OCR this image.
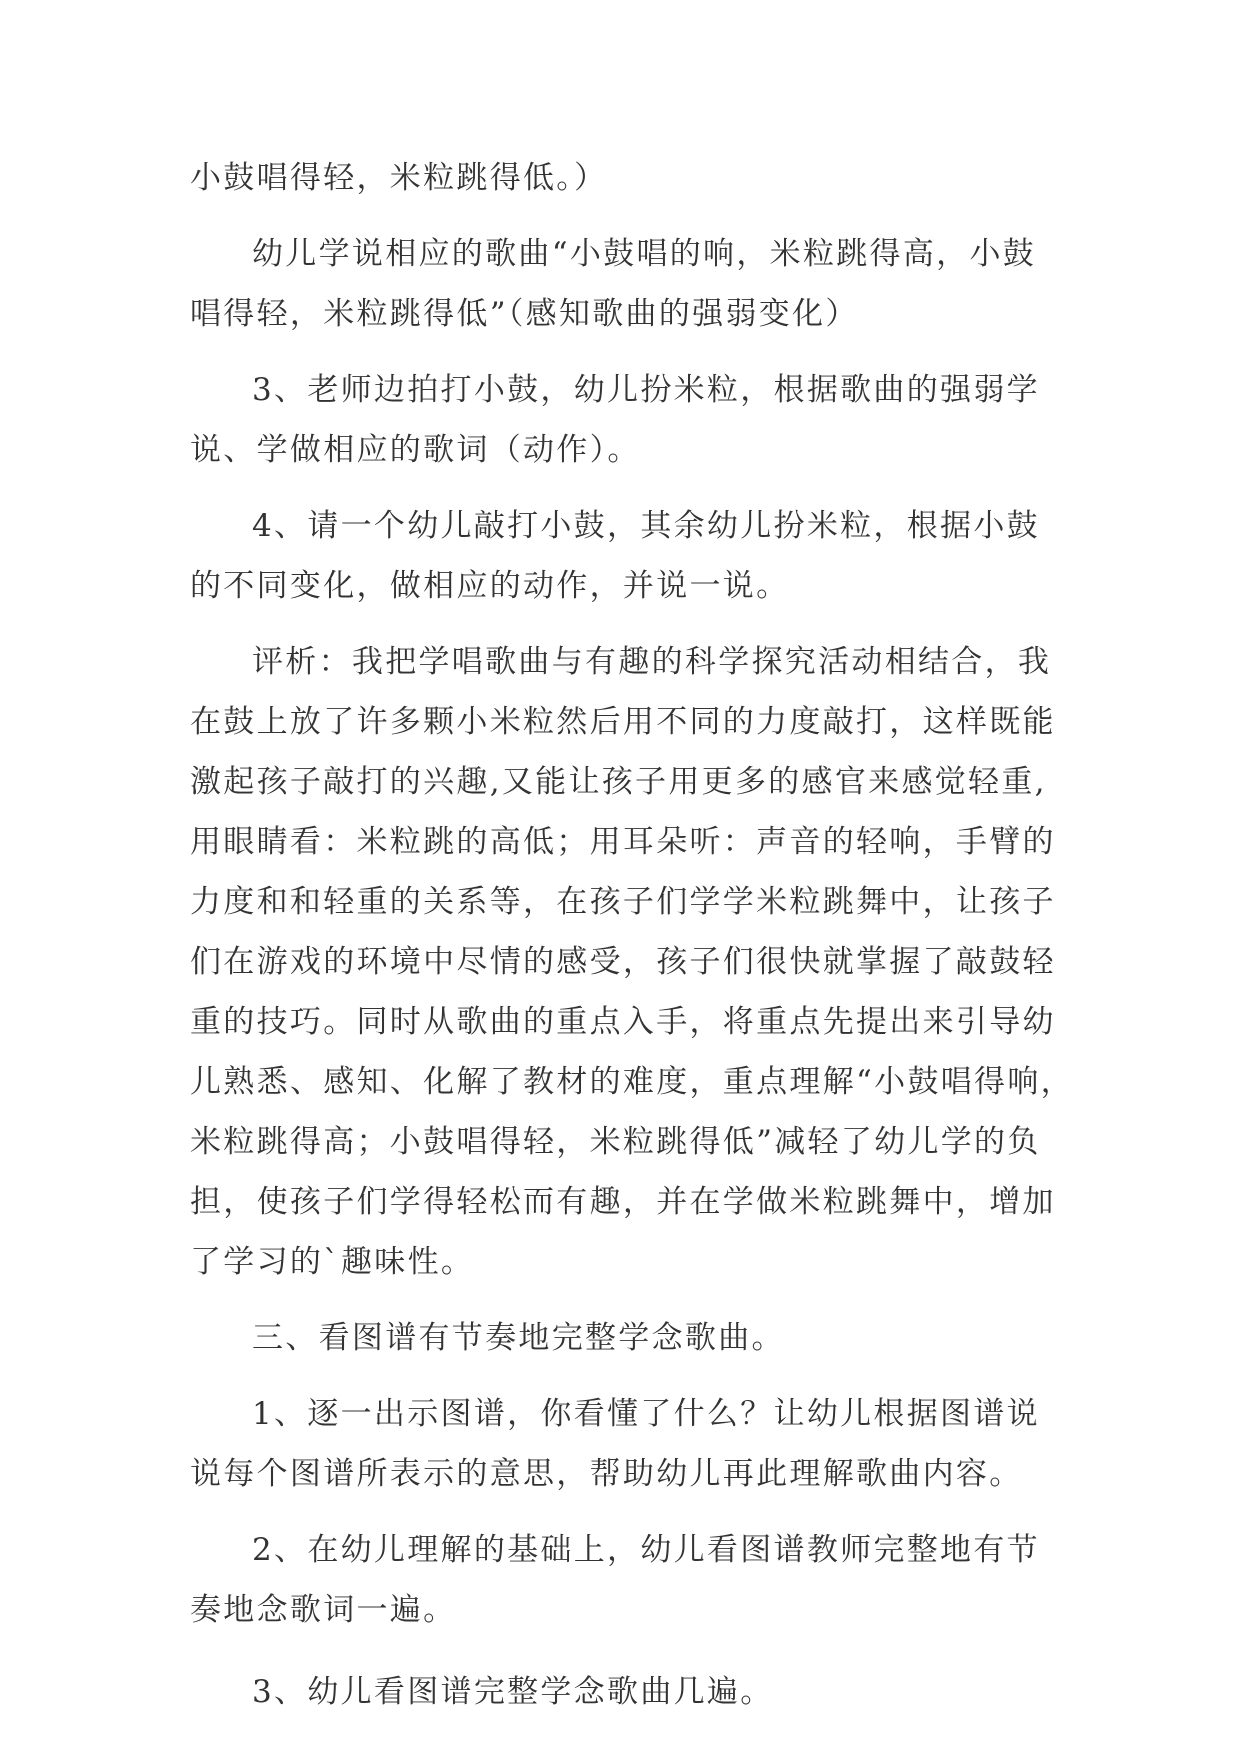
小鼓唱得轻，米粒跳得低。）
幼儿学说相应的歌曲“小鼓唱的响，米粒跳得高，小鼓
唱得轻，米粒跳得低”（感知歌曲的强弱变化）
3、老师边拍打小鼓，幼儿扮米粒，根据歌曲的强弱学
说、学做相应的歌词（动作）。
4、请一个幼儿敲打小鼓，其余幼儿扮米粒，根据小鼓
的不同变化，做相应的动作，并说一说。
评析：我把学唱歌曲与有趣的科学探究活动相结合，我
在鼓上放了许多颗小米粒然后用不同的力度敲打，这样既能
激起孩子敲打的兴趣,又能让孩子用更多的感官来感觉轻重,
用眼睛看：米粒跳的高低；用耳朵听：声音的轻响，手臂的
力度和和轻重的关系等，在孩子们学学米粒跳舞中，让孩子
们在游戏的环境中尽情的感受，孩子们很快就掌握了敲鼓轻
重的技巧。同时从歌曲的重点入手，将重点先提出来引导幼
儿熟悉、感知、化解了教材的难度，重点理解“小鼓唱得响，
米粒跳得高；小鼓唱得轻，米粒跳得低”减轻了幼儿学的负
担，使孩子们学得轻松而有趣，并在学做米粒跳舞中，增加
了学习的`趣味性。
三、看图谱有节奏地完整学念歌曲。
1、逐一出示图谱，你看懂了什么？让幼儿根据图谱说
说每个图谱所表示的意思，帮助幼儿再此理解歌曲内容。
2、在幼儿理解的基础上，幼儿看图谱教师完整地有节
奏地念歌词一遍。
3、幼儿看图谱完整学念歌曲几遍。
